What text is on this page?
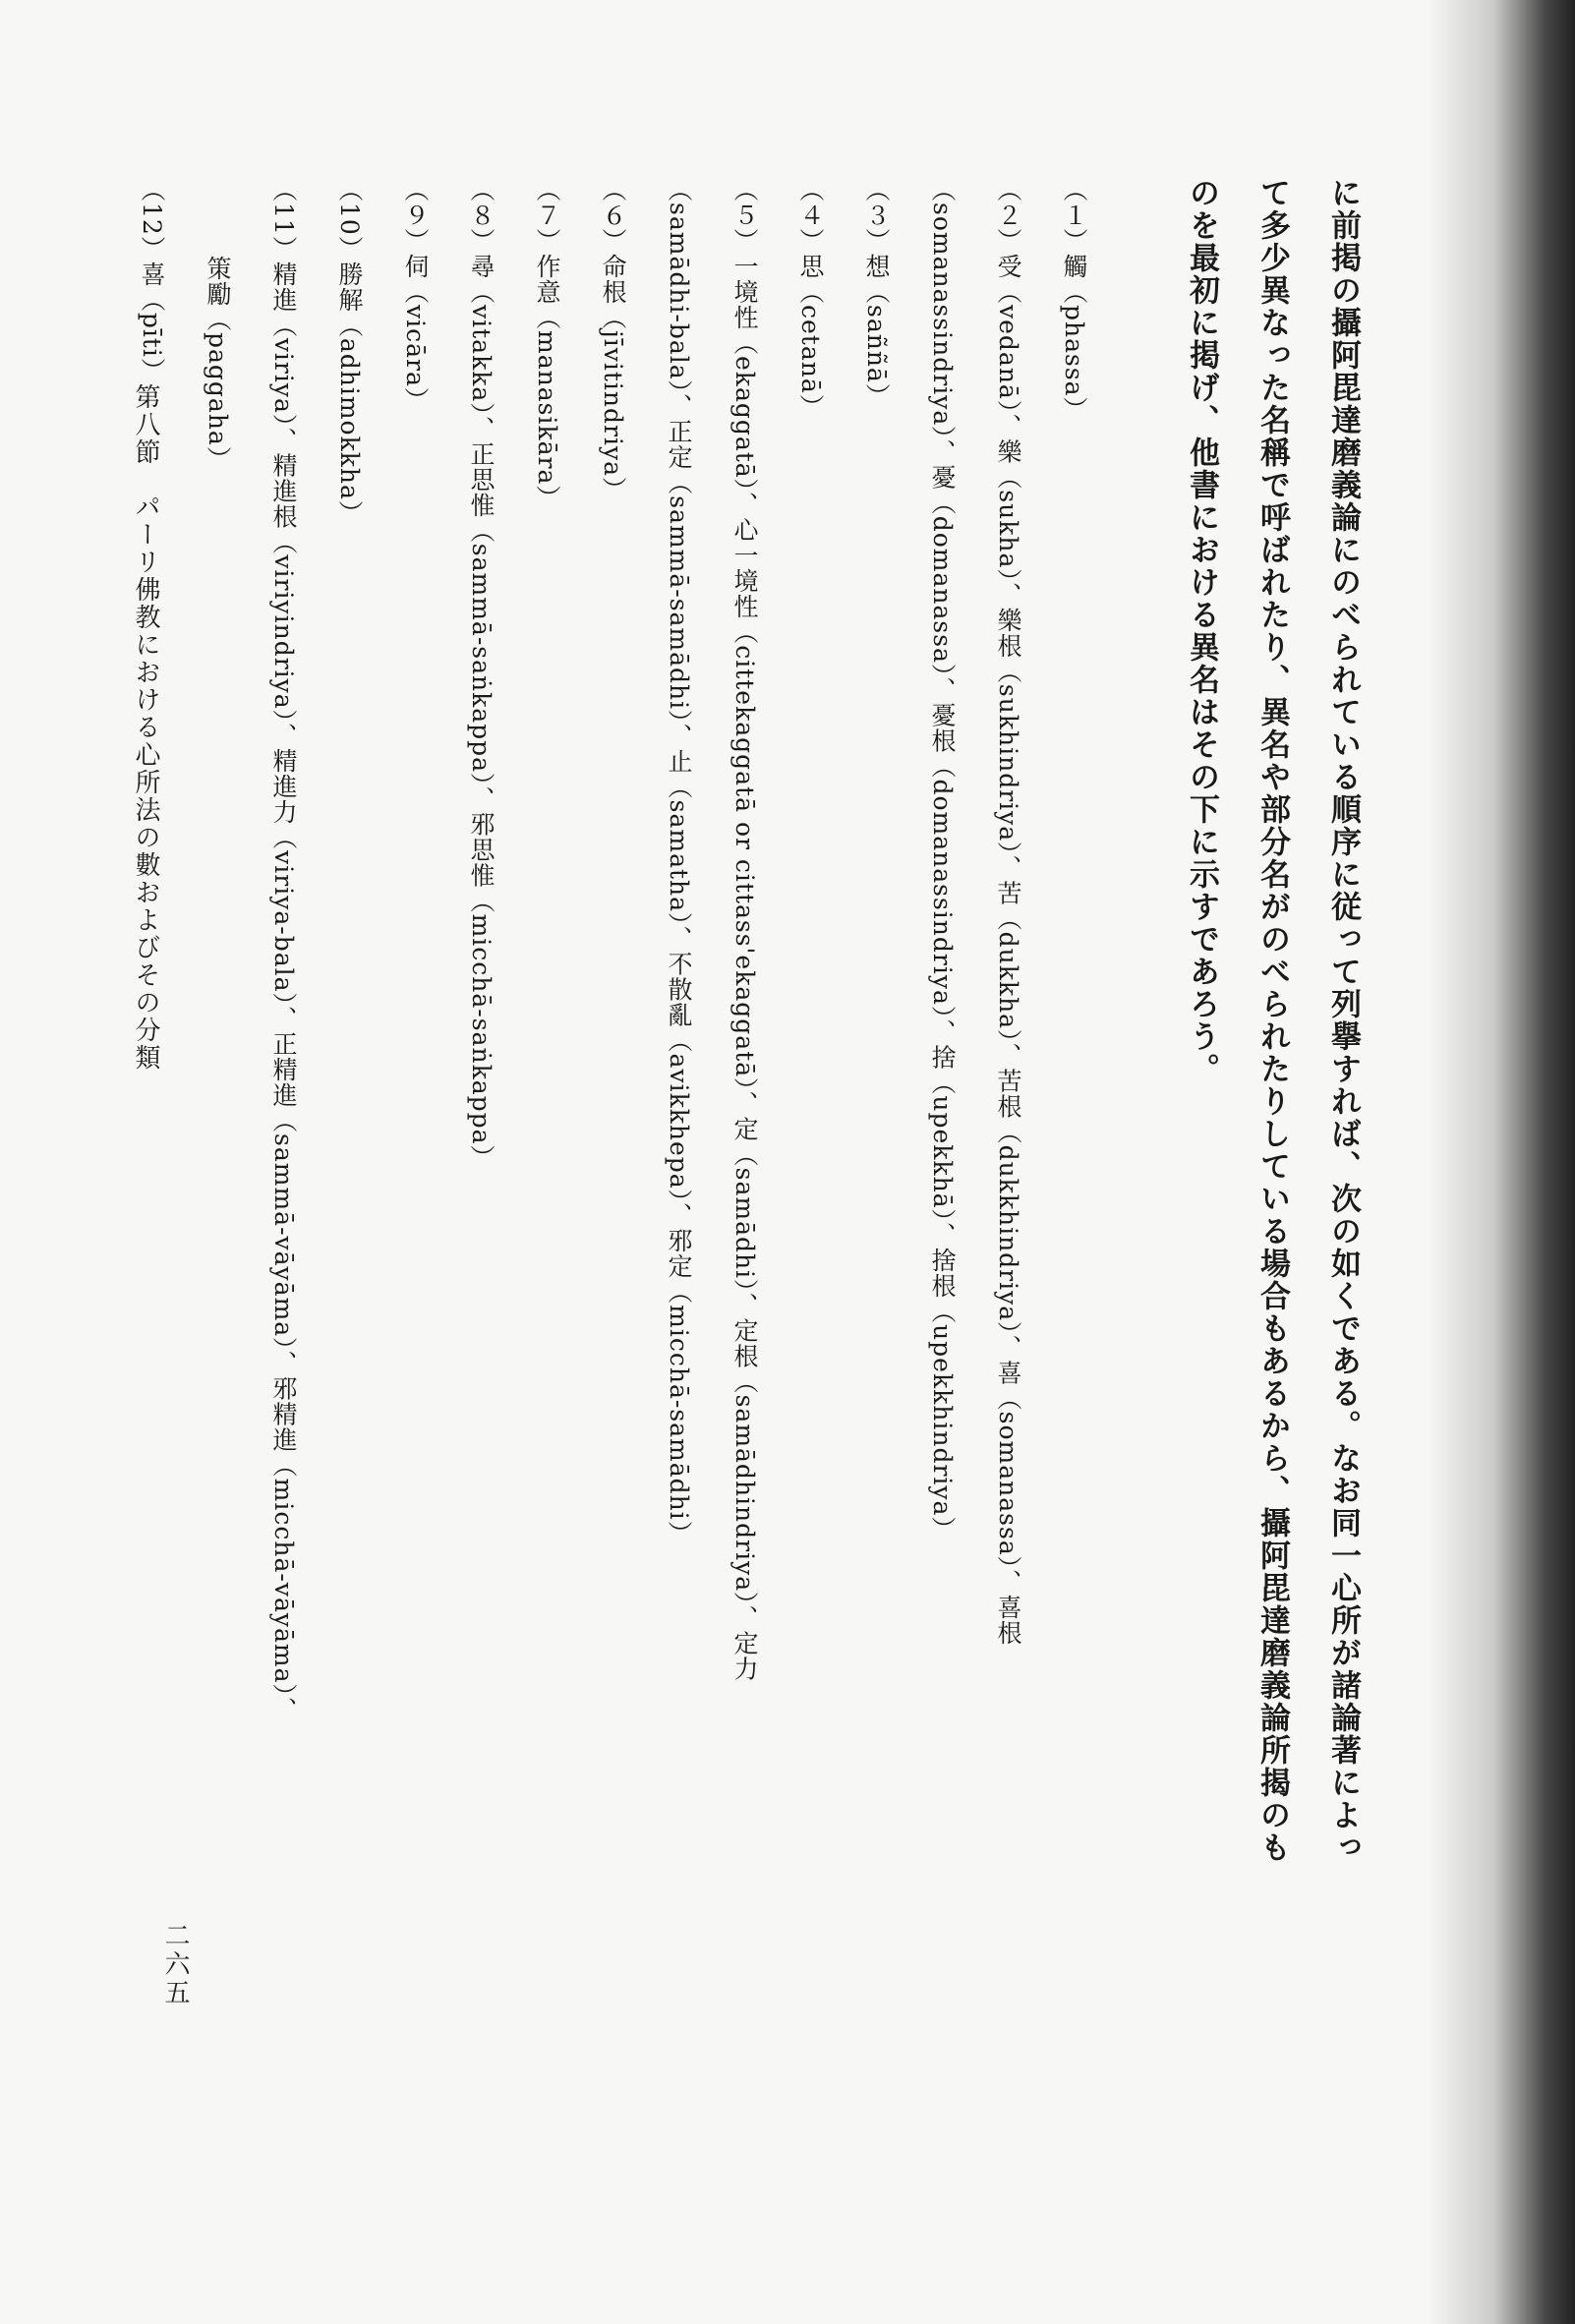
に前掲の攝阿毘達磨義論にのべられている順序に従って列擧すれば、次の如くである。なお同一心所が諸論著によっ
て多少異なった名稱で呼ばれたり、異名や部分名がのべられたりしている場合もあるから、攝阿毘達磨義論所揭のも
のを最初に掲げ、他書における異名はその下に示すであろう。
（１）觸（phassa）
（２）受（vedanā）、樂（sukha）、樂根（sukhindriya）、苦（dukkha）、苦根（dukkhindriya）、喜（somanassa）、喜根
（somanassindriya）、憂（domanassa）、憂根（domanassindriya）、捨（upekkhā）、捨根（upekkhindriya）
（３）想（saññā）
（４）思（cetanā）
（５）一境性（ekaggatā）、心一境性（cittekaggatā or cittass'ekaggatā）、定（samādhi）、定根（samādhindriya）、定力
（samādhi-bala）、正定（sammā-samādhi）、止（samatha）、不散亂（avikkhepa）、邪定（micchā-samādhi）
（６）命根（jīvitindriya）
（７）作意（manasikāra）
（８）尋（vitakka）、正思惟（sammā-saṅkappa）、邪思惟（micchā-saṅkappa）
（９）伺（vicāra）
（10）勝解（adhimokkha）
（11）精進（viriya）、精進根（viriyindriya）、精進力（viriya-bala）、正精進（sammā-vāyāma）、邪精進（micchā-vāyāma）、
策勵（paggaha）
（12）喜（pīti）
第八節　パーリ佛教における心所法の數およびその分類
二六五
